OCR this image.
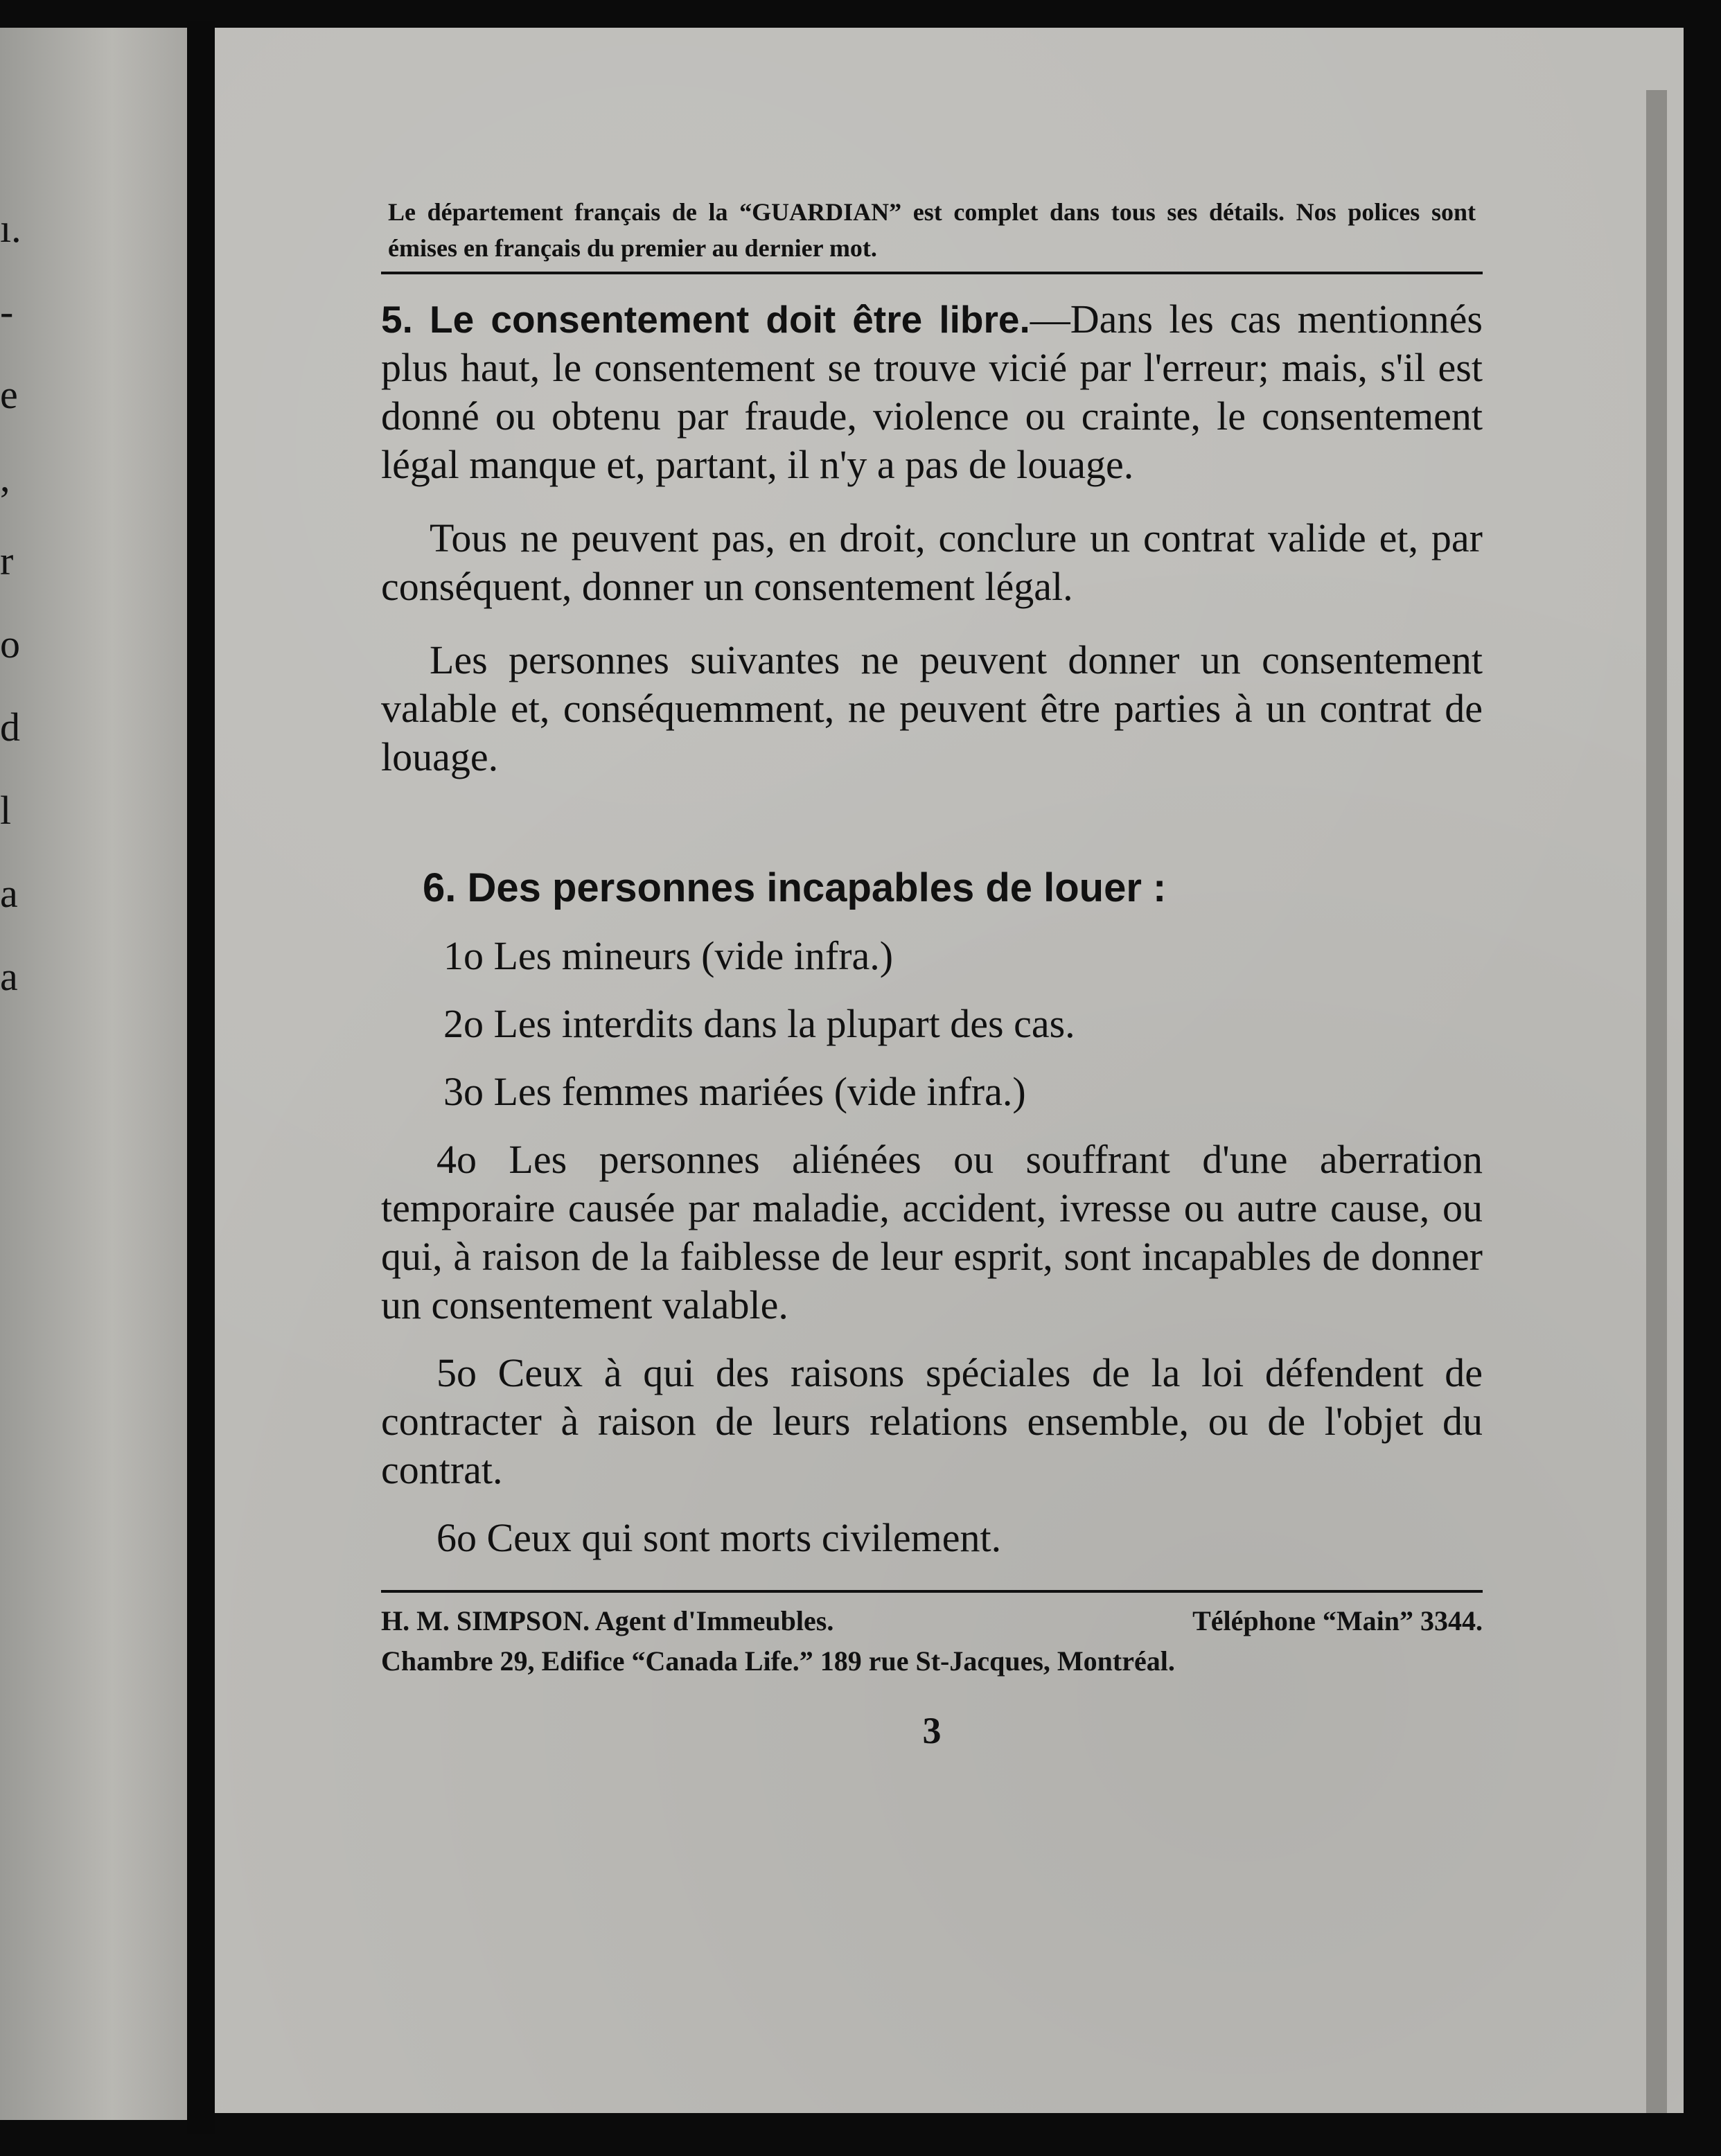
ı.
-
e
,
r
o
d
l
a
a
Le département français de la “GUARDIAN” est complet dans tous ses détails. Nos polices sont émises en français du premier au dernier mot.

5. Le consentement doit être libre.—Dans les cas mentionnés plus haut, le consentement se trouve vicié par l'erreur; mais, s'il est donné ou obtenu par fraude, violence ou crainte, le consentement légal manque et, partant, il n'y a pas de louage.

Tous ne peuvent pas, en droit, conclure un contrat valide et, par conséquent, donner un consentement légal.

Les personnes suivantes ne peuvent donner un consentement valable et, conséquemment, ne peuvent être parties à un contrat de louage.

6. Des personnes incapables de louer :

1o Les mineurs (vide infra.)

2o Les interdits dans la plupart des cas.

3o Les femmes mariées (vide infra.)

4o Les personnes aliénées ou souffrant d'une aberration temporaire causée par maladie, accident, ivresse ou autre cause, ou qui, à raison de la faiblesse de leur esprit, sont incapables de donner un consentement valable.

5o Ceux à qui des raisons spéciales de la loi défendent de contracter à raison de leurs relations ensemble, ou de l'objet du contrat.

6o Ceux qui sont morts civilement.

H. M. SIMPSON. Agent d'Immeubles.	Téléphone “Main” 3344.
Chambre 29, Edifice “Canada Life.” 189 rue St-Jacques, Montréal.
3
